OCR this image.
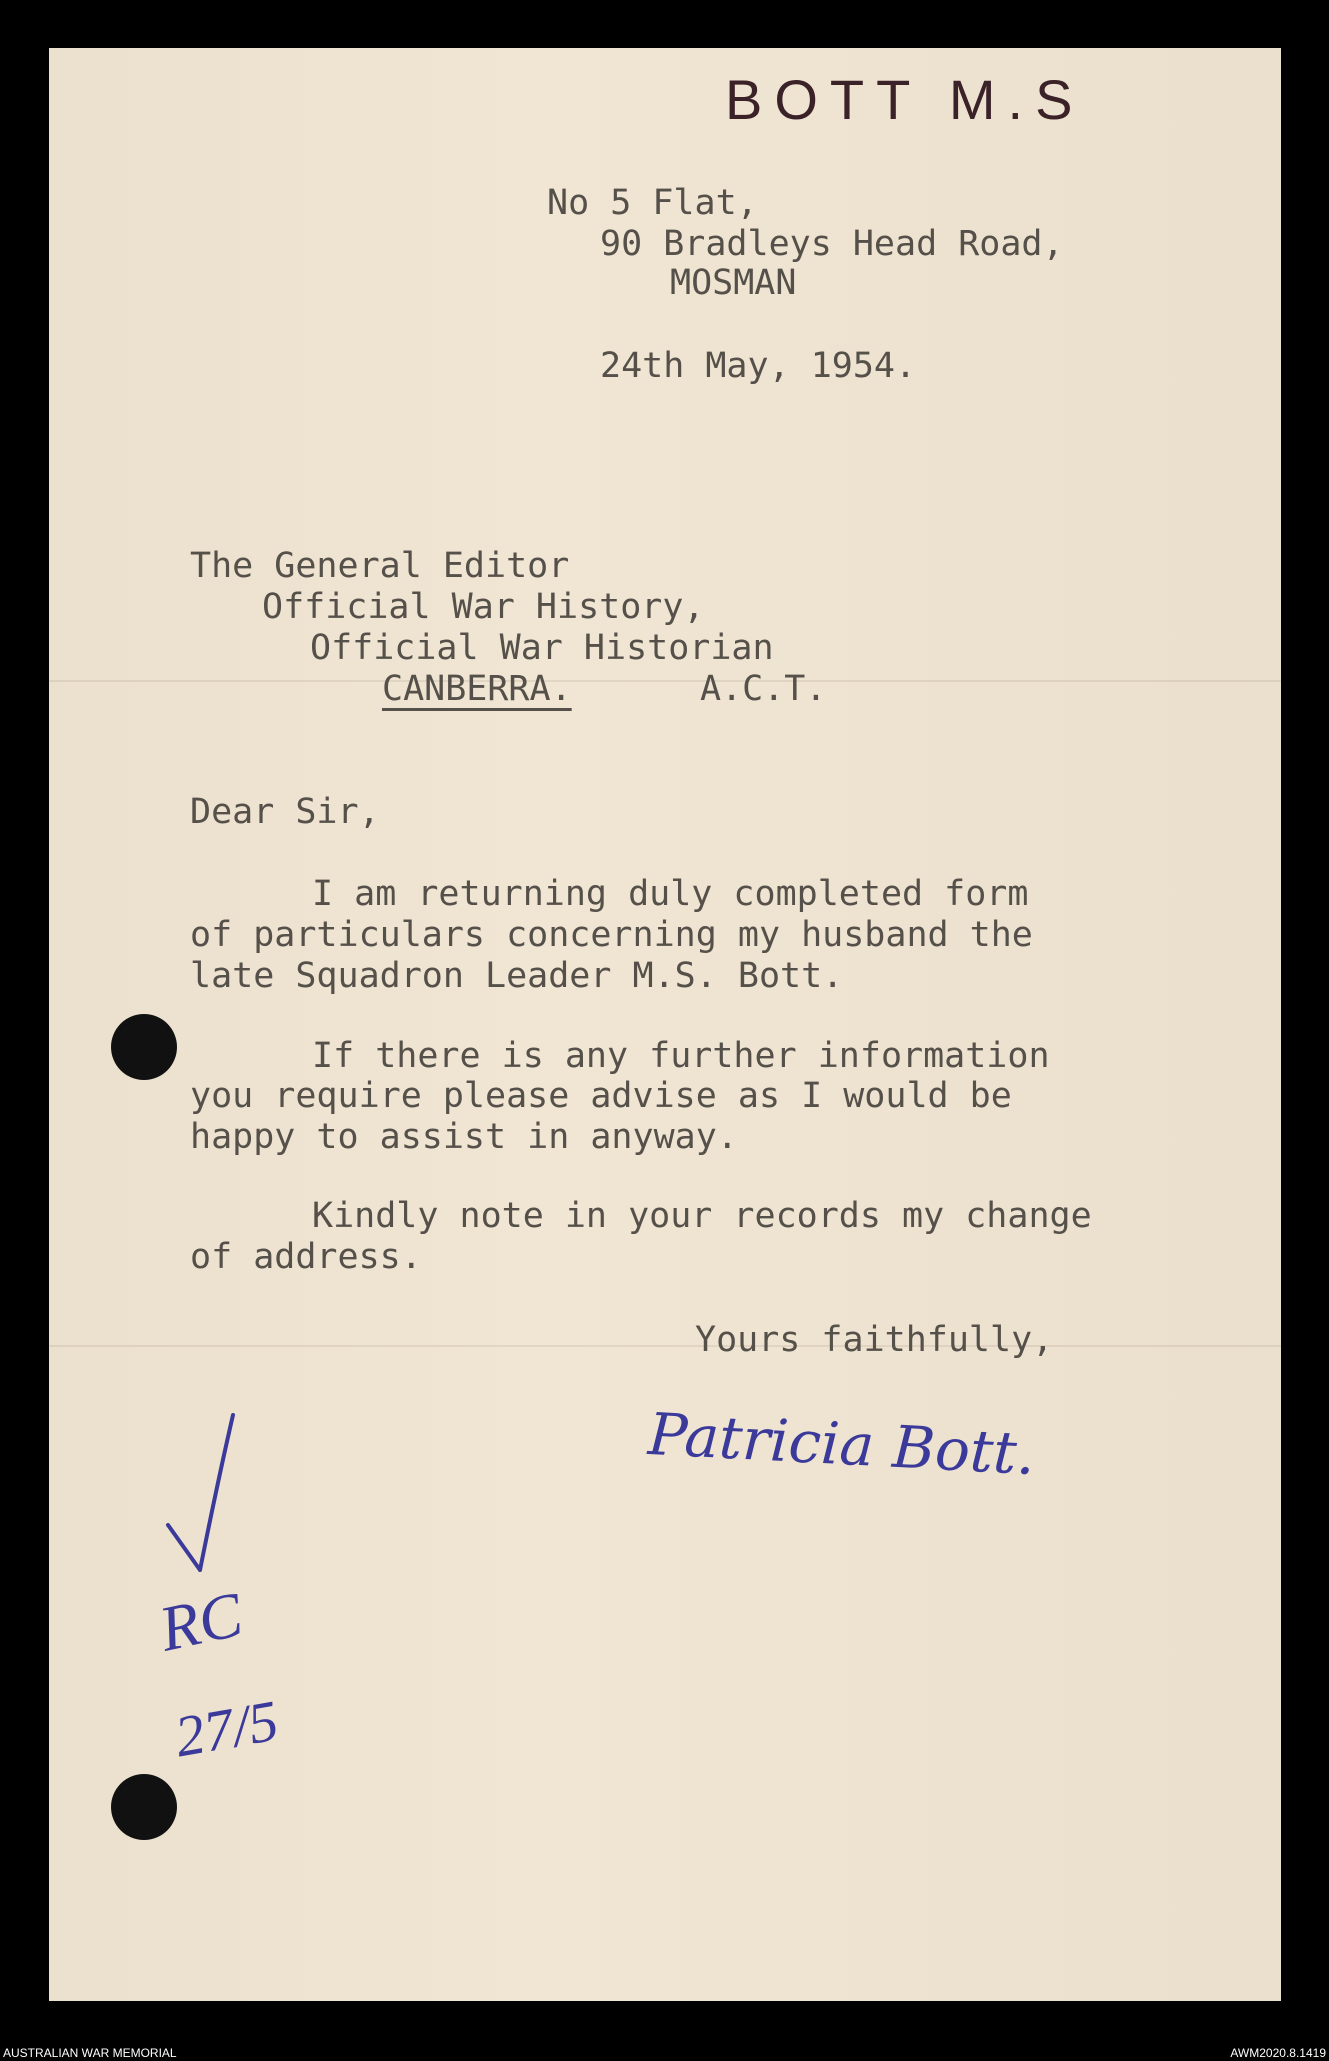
BOTT M.S

No 5 Flat,

90 Bradleys Head Road,

MOSMAN

24th May, 1954.

The General Editor

Official War History,

Official War Historian

CANBERRA.	A.C.T.

Dear Sir,

I am returning duly completed form

of particulars concerning my husband the

late Squadron Leader M.S. Bott.

If there is any further information

you require please advise as I would be

happy to assist in anyway.

Kindly note in your records my change

of address.

Yours faithfully,

Patricia Bott.

RC

27/5

AUSTRALIAN WAR MEMORIAL	AWM2020.8.1419
